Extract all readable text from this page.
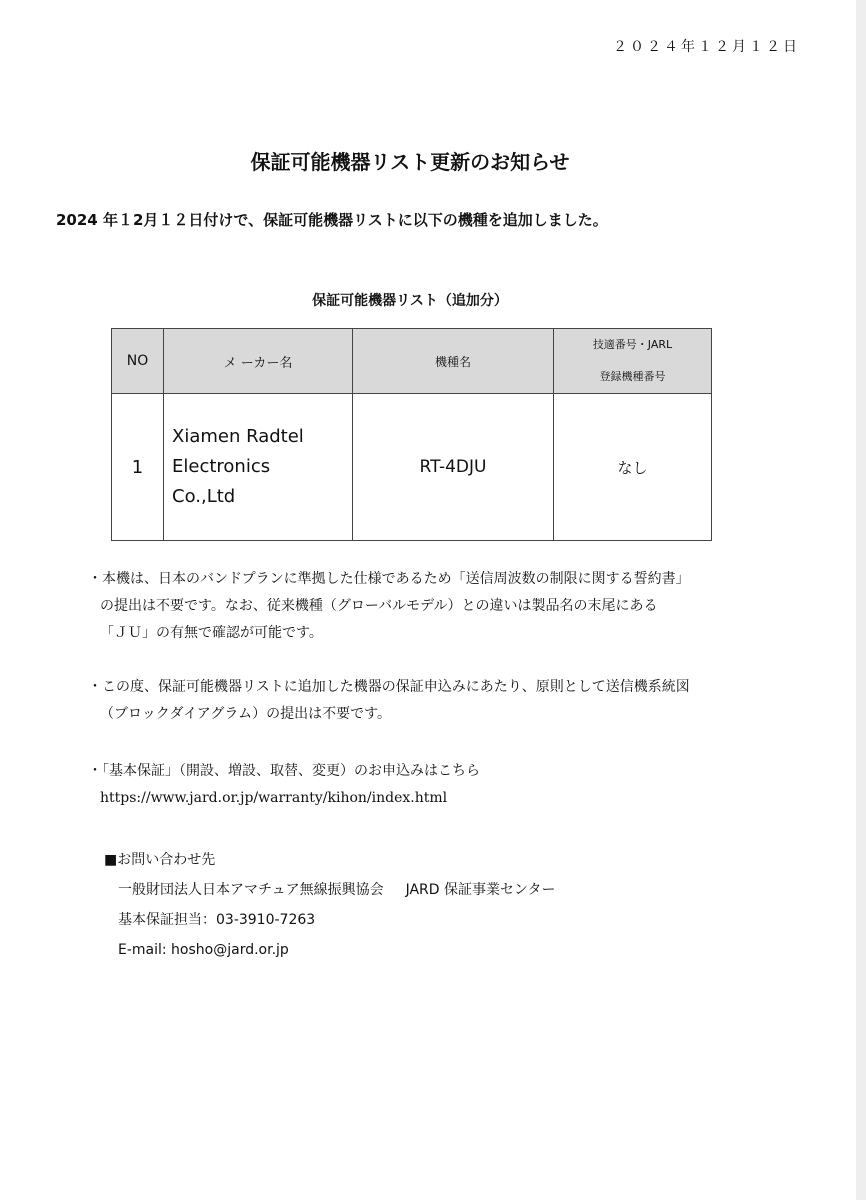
２０２４年１２月１２日
保証可能機器リスト更新のお知らせ
2024 年１2月１２日付けで、保証可能機器リストに以下の機種を追加しました。
保証可能機器リスト（追加分）
NO	メ ーカー名	機種名	技適番号・JARL
登録機種番号

1	Xiamen Radtel
Electronics
Co.,Ltd	RT-4DJU	なし
・本機は、日本のバンドプランに準拠した仕様であるため「送信周波数の制限に関する誓約書」
の提出は不要です。なお、従来機種（グローバルモデル）との違いは製品名の末尾にある
「ＪＵ」の有無で確認が可能です。
・この度、保証可能機器リストに追加した機器の保証申込みにあたり、原則として送信機系統図
（ブロックダイアグラム）の提出は不要です。
・「基本保証」（開設、増設、取替、変更）のお申込みはこちら
https://www.jard.or.jp/warranty/kihon/index.html
■お問い合わせ先
一般財団法人日本アマチュア無線振興協会 JARD 保証事業センター
基本保証担当：03-3910-7263
E-mail: hosho@jard.or.jp
